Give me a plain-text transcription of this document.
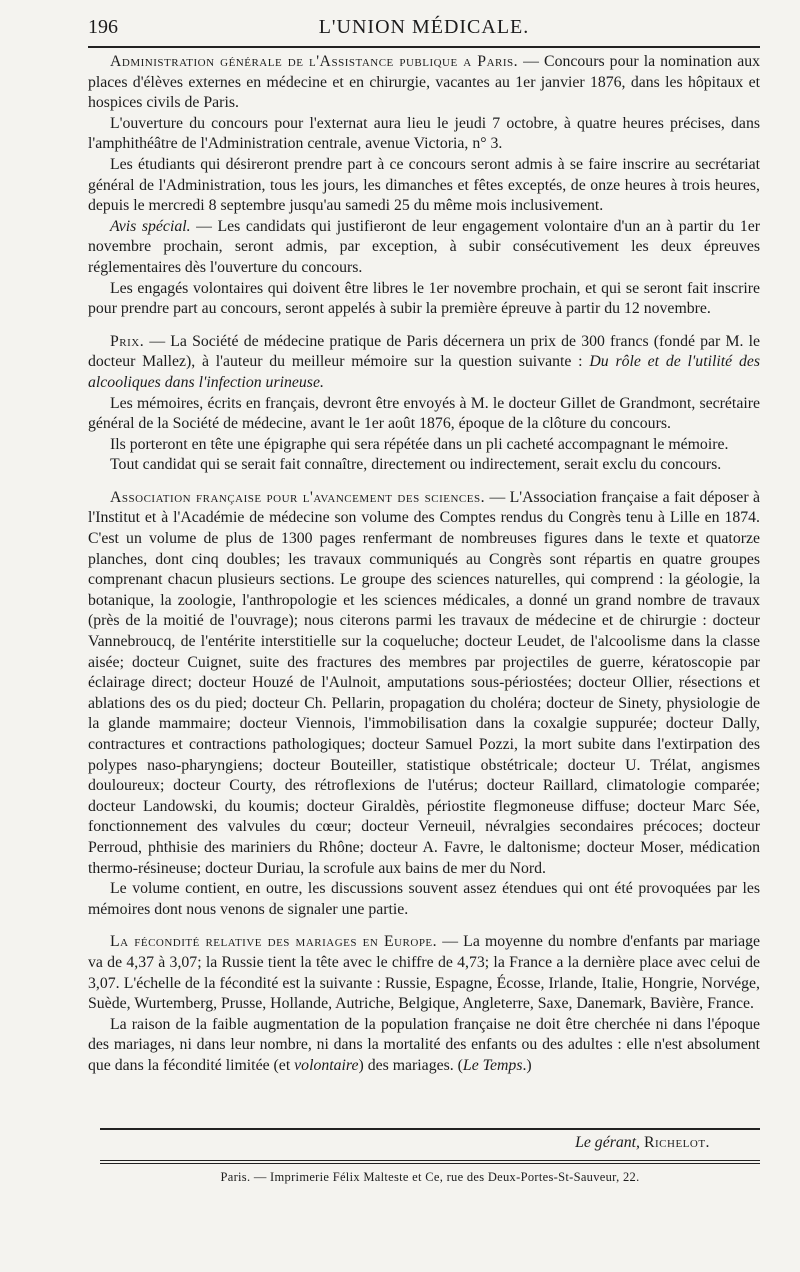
196	L'UNION MÉDICALE.

Administration générale de l'Assistance publique a Paris. — Concours pour la nomination aux places d'élèves externes en médecine et en chirurgie, vacantes au 1er janvier 1876, dans les hôpitaux et hospices civils de Paris.

L'ouverture du concours pour l'externat aura lieu le jeudi 7 octobre, à quatre heures précises, dans l'amphithéâtre de l'Administration centrale, avenue Victoria, n° 3.

Les étudiants qui désireront prendre part à ce concours seront admis à se faire inscrire au secrétariat général de l'Administration, tous les jours, les dimanches et fêtes exceptés, de onze heures à trois heures, depuis le mercredi 8 septembre jusqu'au samedi 25 du même mois inclusivement.

Avis spécial. — Les candidats qui justifieront de leur engagement volontaire d'un an à partir du 1er novembre prochain, seront admis, par exception, à subir consécutivement les deux épreuves réglementaires dès l'ouverture du concours.

Les engagés volontaires qui doivent être libres le 1er novembre prochain, et qui se seront fait inscrire pour prendre part au concours, seront appelés à subir la première épreuve à partir du 12 novembre.

Prix. — La Société de médecine pratique de Paris décernera un prix de 300 francs (fondé par M. le docteur Mallez), à l'auteur du meilleur mémoire sur la question suivante : Du rôle et de l'utilité des alcooliques dans l'infection urineuse.

Les mémoires, écrits en français, devront être envoyés à M. le docteur Gillet de Grandmont, secrétaire général de la Société de médecine, avant le 1er août 1876, époque de la clôture du concours.

Ils porteront en tête une épigraphe qui sera répétée dans un pli cacheté accompagnant le mémoire.

Tout candidat qui se serait fait connaître, directement ou indirectement, serait exclu du concours.

Association française pour l'avancement des sciences. — L'Association française a fait déposer à l'Institut et à l'Académie de médecine son volume des Comptes rendus du Congrès tenu à Lille en 1874. C'est un volume de plus de 1300 pages renfermant de nombreuses figures dans le texte et quatorze planches, dont cinq doubles; les travaux communiqués au Congrès sont répartis en quatre groupes comprenant chacun plusieurs sections. Le groupe des sciences naturelles, qui comprend : la géologie, la botanique, la zoologie, l'anthropologie et les sciences médicales, a donné un grand nombre de travaux (près de la moitié de l'ouvrage); nous citerons parmi les travaux de médecine et de chirurgie : docteur Vannebroucq, de l'entérite interstitielle sur la coqueluche; docteur Leudet, de l'alcoolisme dans la classe aisée; docteur Cuignet, suite des fractures des membres par projectiles de guerre, kératoscopie par éclairage direct; docteur Houzé de l'Aulnoit, amputations sous-périostées; docteur Ollier, résections et ablations des os du pied; docteur Ch. Pellarin, propagation du choléra; docteur de Sinety, physiologie de la glande mammaire; docteur Viennois, l'immobilisation dans la coxalgie suppurée; docteur Dally, contractures et contractions pathologiques; docteur Samuel Pozzi, la mort subite dans l'extirpation des polypes naso-pharyngiens; docteur Bouteiller, statistique obstétricale; docteur U. Trélat, angismes douloureux; docteur Courty, des rétroflexions de l'utérus; docteur Raillard, climatologie comparée; docteur Landowski, du koumis; docteur Giraldès, périostite flegmoneuse diffuse; docteur Marc Sée, fonctionnement des valvules du cœur; docteur Verneuil, névralgies secondaires précoces; docteur Perroud, phthisie des mariniers du Rhône; docteur A. Favre, le daltonisme; docteur Moser, médication thermo-résineuse; docteur Duriau, la scrofule aux bains de mer du Nord.

Le volume contient, en outre, les discussions souvent assez étendues qui ont été provoquées par les mémoires dont nous venons de signaler une partie.

La fécondité relative des mariages en Europe. — La moyenne du nombre d'enfants par mariage va de 4,37 à 3,07; la Russie tient la tête avec le chiffre de 4,73; la France a la dernière place avec celui de 3,07. L'échelle de la fécondité est la suivante : Russie, Espagne, Écosse, Irlande, Italie, Hongrie, Norvége, Suède, Wurtemberg, Prusse, Hollande, Autriche, Belgique, Angleterre, Saxe, Danemark, Bavière, France.

La raison de la faible augmentation de la population française ne doit être cherchée ni dans l'époque des mariages, ni dans leur nombre, ni dans la mortalité des enfants ou des adultes : elle n'est absolument que dans la fécondité limitée (et volontaire) des mariages. (Le Temps.)

Le gérant, Richelot.
Paris. — Imprimerie Félix Malteste et Ce, rue des Deux-Portes-St-Sauveur, 22.
